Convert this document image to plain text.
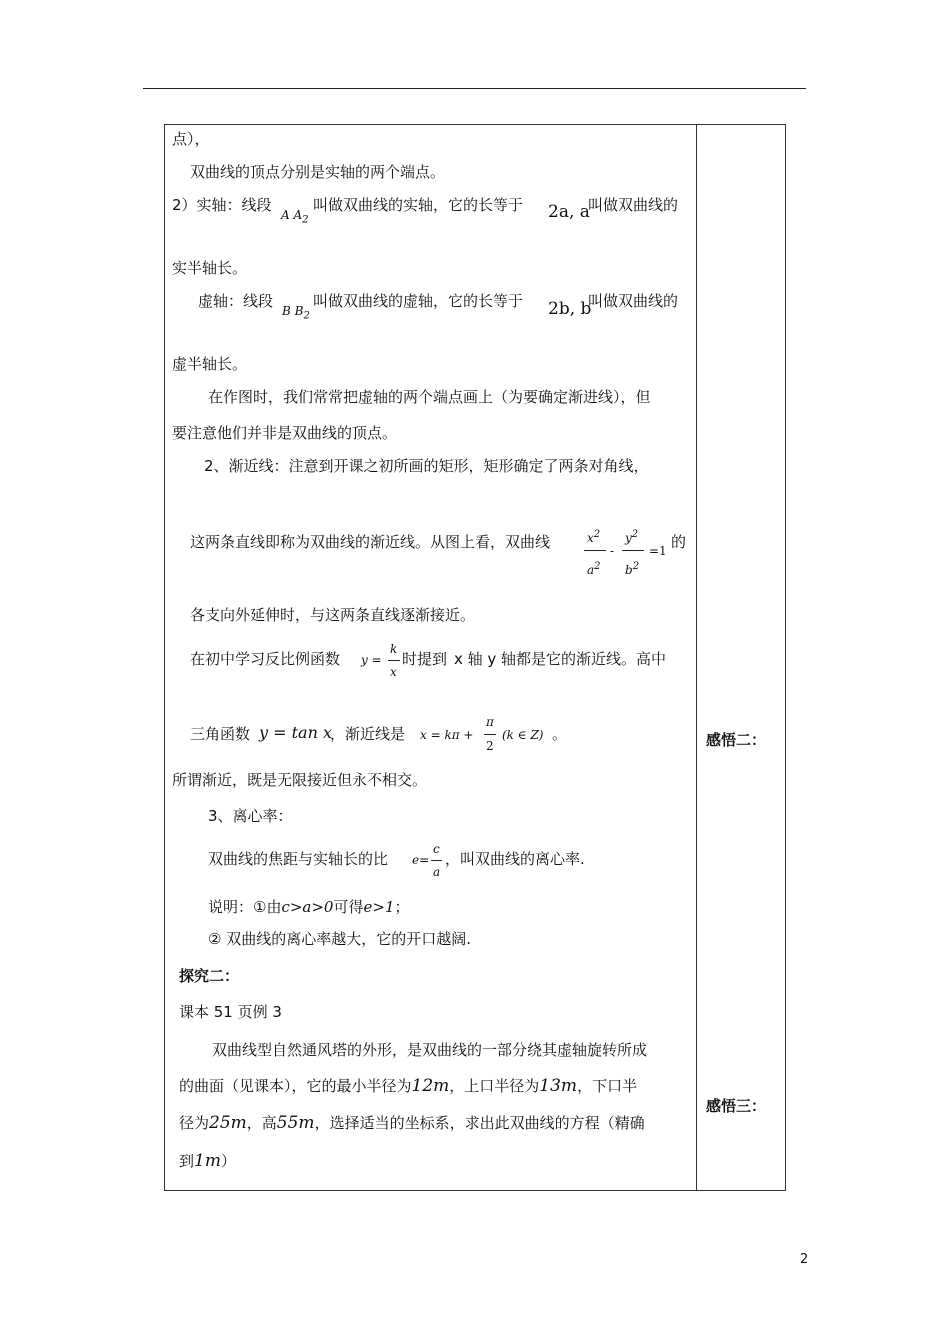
感悟二：
感悟三：
点），
双曲线的顶点分别是实轴的两个端点。
2）实轴：线段
A $A_2$
叫做双曲线的实轴，它的长等于 2a, a
叫做双曲线的
实半轴长。
虚轴：线段
B $B_2$
叫做双曲线的虚轴，它的长等于 2b, b
叫做双曲线的
虚半轴长。
在作图时，我们常常把虚轴的两个端点画上（为要确定渐进线），但
要注意他们并非是双曲线的顶点。
2、渐近线：注意到开课之初所画的矩形，矩形确定了两条对角线，
这两条直线即称为双曲线的渐近线。从图上看，双曲线	$x^2$
$a^2$
-
$y^2$
$b^2$
=1 的
各支向外延伸时，与这两条直线逐渐接近。
在初中学习反比例函数 y =
k
x
时提到 x 轴 y 轴都是它的渐近线。高中
三角函数 y = tan x
，渐近线是 x = kπ +
π
2
(k ∈ Z) 。
所谓渐近，既是无限接近但永不相交。
3、离心率：
双曲线的焦距与实轴长的比 e=
c
a
，叫双曲线的离心率.
说明：①由c>a>0可得e>1；
② 双曲线的离心率越大，它的开口越阔.
探究二：
课本 51 页例 3
双曲线型自然通风塔的外形，是双曲线的一部分绕其虚轴旋转所成
的曲面（见课本），它的最小半径为12m，上口半径为13m，下口半
径为25m，高55m，选择适当的坐标系，求出此双曲线的方程（精确
到1m）
2
